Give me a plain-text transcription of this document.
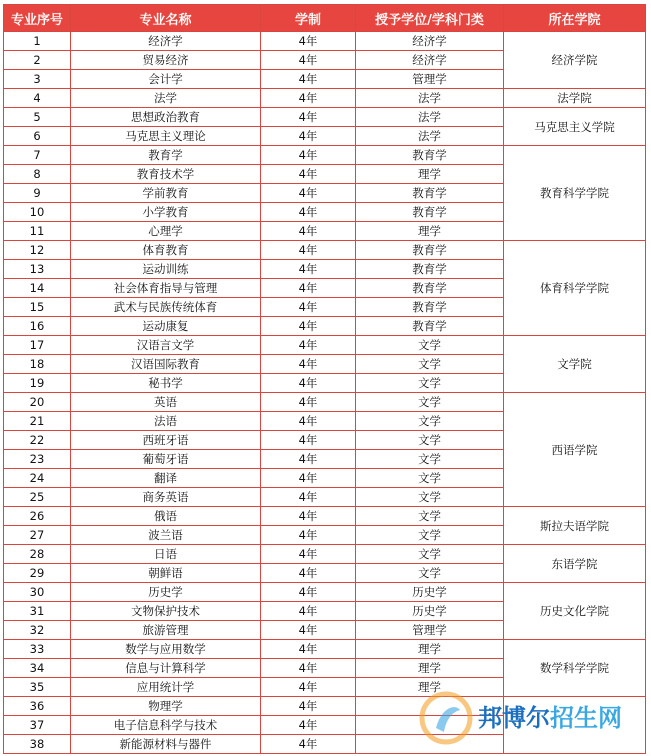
专业序号	专业名称	学制	授予学位/学科门类	所在学院
1	经济学	4年	经济学	经济学院
2	贸易经济	4年	经济学	
3	会计学	4年	管理学	
4	法学	4年	法学	法学院
5	思想政治教育	4年	法学	马克思主义学院
6	马克思主义理论	4年	法学	
7	教育学	4年	教育学	教育科学学院
8	教育技术学	4年	理学	
9	学前教育	4年	教育学	
10	小学教育	4年	教育学	
11	心理学	4年	理学	
12	体育教育	4年	教育学	体育科学学院
13	运动训练	4年	教育学	
14	社会体育指导与管理	4年	教育学	
15	武术与民族传统体育	4年	教育学	
16	运动康复	4年	教育学	
17	汉语言文学	4年	文学	文学院
18	汉语国际教育	4年	文学	
19	秘书学	4年	文学	
20	英语	4年	文学	西语学院
21	法语	4年	文学	
22	西班牙语	4年	文学	
23	葡萄牙语	4年	文学	
24	翻译	4年	文学	
25	商务英语	4年	文学	
26	俄语	4年	文学	斯拉夫语学院
27	波兰语	4年	文学	
28	日语	4年	文学	东语学院
29	朝鲜语	4年	文学	
30	历史学	4年	历史学	历史文化学院
31	文物保护技术	4年	历史学	
32	旅游管理	4年	管理学	
33	数学与应用数学	4年	理学	数学科学学院
34	信息与计算科学	4年	理学	
35	应用统计学	4年	理学	
36	物理学	4年		
37	电子信息科学与技术	4年		
38	新能源材料与器件	4年		
邦博尔招生网
